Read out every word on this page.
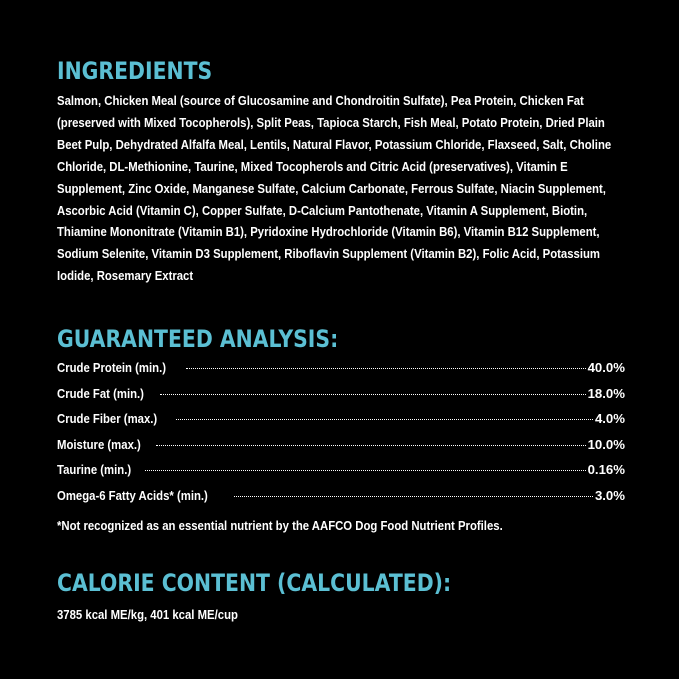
INGREDIENTS

Salmon, Chicken Meal (source of Glucosamine and Chondroitin Sulfate), Pea Protein, Chicken Fat (preserved with Mixed Tocopherols), Split Peas, Tapioca Starch, Fish Meal, Potato Protein, Dried Plain Beet Pulp, Dehydrated Alfalfa Meal, Lentils, Natural Flavor, Potassium Chloride, Flaxseed, Salt, Choline Chloride, DL-Methionine, Taurine, Mixed Tocopherols and Citric Acid (preservatives), Vitamin E Supplement, Zinc Oxide, Manganese Sulfate, Calcium Carbonate, Ferrous Sulfate, Niacin Supplement, Ascorbic Acid (Vitamin C), Copper Sulfate, D-Calcium Pantothenate, Vitamin A Supplement, Biotin, Thiamine Mononitrate (Vitamin B1), Pyridoxine Hydrochloride (Vitamin B6), Vitamin B12 Supplement, Sodium Selenite, Vitamin D3 Supplement, Riboflavin Supplement (Vitamin B2), Folic Acid, Potassium Iodide, Rosemary Extract

GUARANTEED ANALYSIS:
Crude Protein (min.)	40.0%
Crude Fat (min.)	18.0%
Crude Fiber (max.)	4.0%
Moisture (max.)	10.0%
Taurine (min.)	0.16%
Omega-6 Fatty Acids* (min.)	3.0%
*Not recognized as an essential nutrient by the AAFCO Dog Food Nutrient Profiles.
CALORIE CONTENT (CALCULATED):

3785 kcal ME/kg, 401 kcal ME/cup
